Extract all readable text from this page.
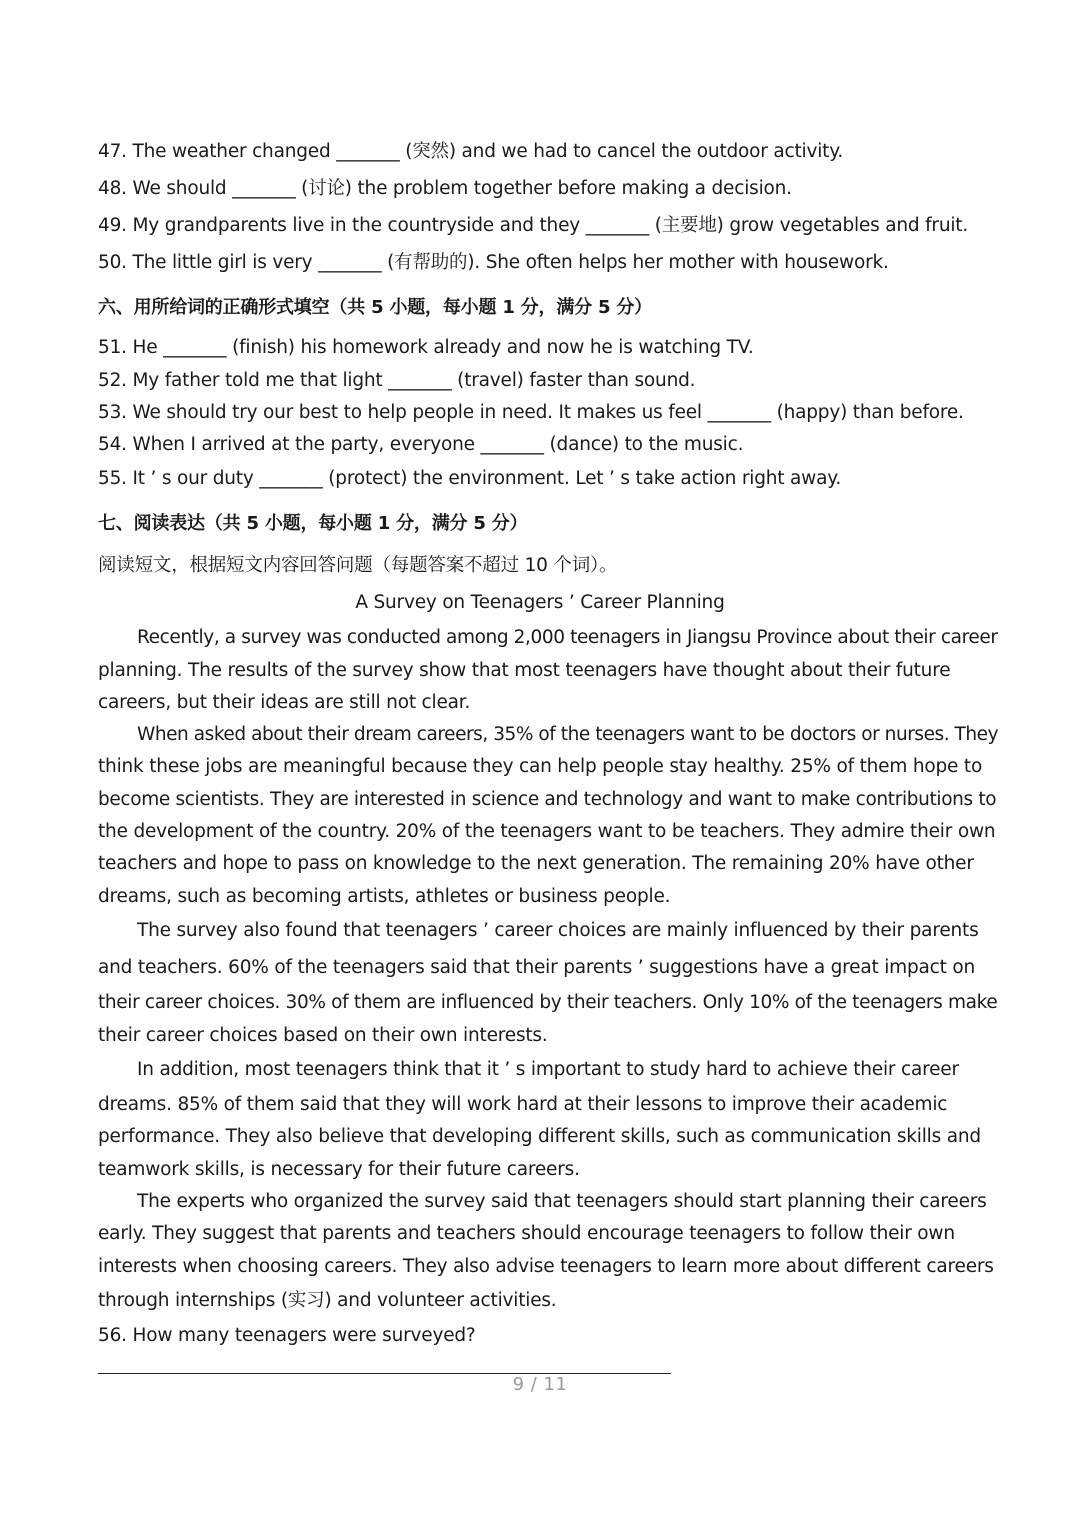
47. The weather changed _______ (突然) and we had to cancel the outdoor activity.
48. We should _______ (讨论) the problem together before making a decision.
49. My grandparents live in the countryside and they _______ (主要地) grow vegetables and fruit.
50. The little girl is very _______ (有帮助的). She often helps her mother with housework.
六、用所给词的正确形式填空（共 5 小题，每小题 1 分，满分 5 分）
51. He _______ (finish) his homework already and now he is watching TV.
52. My father told me that light _______ (travel) faster than sound.
53. We should try our best to help people in need. It makes us feel _______ (happy) than before.
54. When I arrived at the party, everyone _______ (dance) to the music.
55. It ’ s our duty _______ (protect) the environment. Let ’ s take action right away.
七、阅读表达（共 5 小题，每小题 1 分，满分 5 分）
阅读短文，根据短文内容回答问题（每题答案不超过 10 个词）。
A Survey on Teenagers ’ Career Planning
Recently, a survey was conducted among 2,000 teenagers in Jiangsu Province about their career
planning. The results of the survey show that most teenagers have thought about their future
careers, but their ideas are still not clear.
When asked about their dream careers, 35% of the teenagers want to be doctors or nurses. They
think these jobs are meaningful because they can help people stay healthy. 25% of them hope to
become scientists. They are interested in science and technology and want to make contributions to
the development of the country. 20% of the teenagers want to be teachers. They admire their own
teachers and hope to pass on knowledge to the next generation. The remaining 20% have other
dreams, such as becoming artists, athletes or business people.
The survey also found that teenagers ’ career choices are mainly influenced by their parents
and teachers. 60% of the teenagers said that their parents ’ suggestions have a great impact on
their career choices. 30% of them are influenced by their teachers. Only 10% of the teenagers make
their career choices based on their own interests.
In addition, most teenagers think that it ’ s important to study hard to achieve their career
dreams. 85% of them said that they will work hard at their lessons to improve their academic
performance. They also believe that developing different skills, such as communication skills and
teamwork skills, is necessary for their future careers.
The experts who organized the survey said that teenagers should start planning their careers
early. They suggest that parents and teachers should encourage teenagers to follow their own
interests when choosing careers. They also advise teenagers to learn more about different careers
through internships (实习) and volunteer activities.
56. How many teenagers were surveyed?
9 / 11
